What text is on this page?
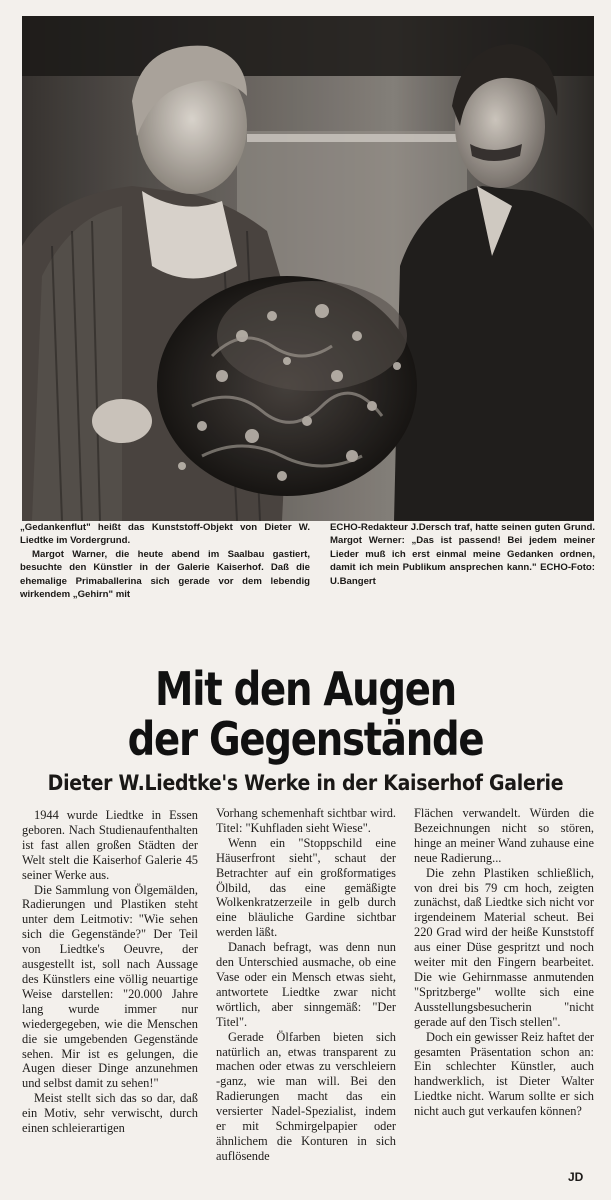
„Gedankenflut" heißt das Kunststoff-Objekt von Dieter W. Liedtke im Vordergrund.

Margot Warner, die heute abend im Saalbau gastiert, besuchte den Künstler in der Galerie Kaiserhof. Daß die ehemalige Primaballerina sich gerade vor dem lebendig wirkendem „Gehirn" mit

ECHO-Redakteur J.Dersch traf, hatte seinen guten Grund. Margot Werner: „Das ist passend! Bei jedem meiner Lieder muß ich erst einmal meine Gedanken ordnen, damit ich mein Publikum ansprechen kann." ECHO-Foto: U.Bangert

Mit den Augen
der Gegenstände
Dieter W.Liedtke's Werke in der Kaiserhof Galerie

1944 wurde Liedtke in Essen geboren. Nach Studienaufenthalten ist fast allen großen Städten der Welt stelt die Kaiserhof Galerie 45 seiner Werke aus.

Die Sammlung von Ölgemälden, Radierungen und Plastiken steht unter dem Leitmotiv: "Wie sehen sich die Gegenstände?" Der Teil von Liedtke's Oeuvre, der ausgestellt ist, soll nach Aussage des Künstlers eine völlig neuartige Weise darstellen: "20.000 Jahre lang wurde immer nur wiedergegeben, wie die Menschen die sie umgebenden Gegenstände sehen. Mir ist es gelungen, die Augen dieser Dinge anzunehmen und selbst damit zu sehen!"

Meist stellt sich das so dar, daß ein Motiv, sehr verwischt, durch einen schleierartigen

Vorhang schemenhaft sichtbar wird. Titel: "Kuhfladen sieht Wiese".

Wenn ein "Stoppschild eine Häuserfront sieht", schaut der Betrachter auf ein großformatiges Ölbild, das eine gemäßigte Wolkenkratzerzeile in gelb durch eine bläuliche Gardine sichtbar werden läßt.

Danach befragt, was denn nun den Unterschied ausmache, ob eine Vase oder ein Mensch etwas sieht, antwortete Liedtke zwar nicht wörtlich, aber sinngemäß: "Der Titel".

Gerade Ölfarben bieten sich natürlich an, etwas transparent zu machen oder etwas zu verschleiern -ganz, wie man will. Bei den Radierungen macht das ein versierter Nadel-Spezialist, indem er mit Schmirgelpapier oder ähnlichem die Konturen in sich auflösende

Flächen verwandelt. Würden die Bezeichnungen nicht so stören, hinge an meiner Wand zuhause eine neue Radierung...

Die zehn Plastiken schließlich, von drei bis 79 cm hoch, zeigten zunächst, daß Liedtke sich nicht vor irgendeinem Material scheut. Bei 220 Grad wird der heiße Kunststoff aus einer Düse gespritzt und noch weiter mit den Fingern bearbeitet. Die wie Gehirnmasse anmutenden "Spritzberge" wollte sich eine Ausstellungsbesucherin "nicht gerade auf den Tisch stellen".

Doch ein gewisser Reiz haftet der gesamten Präsentation schon an: Ein schlechter Künstler, auch handwerklich, ist Dieter Walter Liedtke nicht. Warum sollte er sich nicht auch gut verkaufen können?

JD
